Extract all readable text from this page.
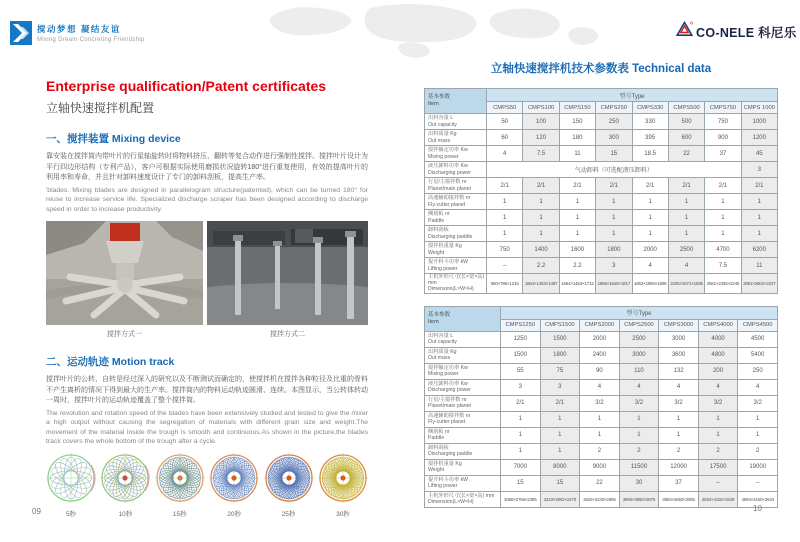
搅动梦想 凝结友谊
Mixing Dream Concreting Friendship	CO-NELE 科尼乐
Enterprise qualification/Patent certificates
立轴快速搅拌机配置
一、搅拌装置 Mixing device
靠安装在搅拌筒内带叶片的行星轴旋转时将物料挤压、翻转等复合动作进行强制性搅拌。搅拌叶片设计为平行四边形结构（专利产品），客户可根据实际使用磨损状况旋转180°进行重复使用，有效的提高叶片的利用率和寿命，并且针对卸料速度设计了专门的卸料刮板，提高生产率。
'blades. Mixing blades are designed in parallelogram structure(patented), which can be turned 180° for reuse to increase service life. Specialized discharge scraper has been designed according to discharge speed in order to increase productivity.
搅拌方式一	搅拌方式二
二、运动轨迹 Motion track
搅拌叶片的公转、自转是经过深入的研究以及不断测试而确定的，使搅拌机在搅拌各种粒径及比重的骨料不产生离析的情况下得到最大的生产率。搅拌筒内的物料运动轨迹圆滑、连续。本图显示，当公转体转动一周时，搅拌叶片的运动轨迹覆盖了整个搅拌筒。
The revolution and rotation speed of the blades have been extensively studied and tested to give the mixer a high output without causing the segregation of materials with different grain size and weight.The movement of the material inside the trough is smooth and continuous.As shown in the picture,the blades track covers the whole bottom of the trough after a cycle.
5秒	10秒	15秒	20秒	25秒	30秒
立轴快速搅拌机技术参数表 Technical data
基本参数
Item	型号Type							
	CMPS50	CMPS100	CMPS150	CMPS250	CMPS330	CMPS500	CMPS750	CMPS 1000

出料容量 L
Out capacity	50	100	150	250	330	500	750	1000

出料质量 Kg
Out mass	60	120	180	300	395	600	900	1200

搅拌额定功率 Kw
Mixing power	4	7.5	11	15	18.5	22	37	45

液压卸料功率 Kw
Discharging power	气动卸料（可选配液压卸料）							3

行星/主搅拌数 nr
Planet/main planet	2/1	2/1	2/1	2/1	2/1	2/1	2/1	2/1

高速辅助搅拌数 nr
Fly-cutter planet	1	1	1	1	1	1	1	1

侧刮板 nr
Paddle	1	1	1	1	1	1	1	1

卸料刮板
Discharging paddle	1	1	1	1	1	1	1	1

搅拌机重量 Kg
Weight	750	1400	1600	1800	2000	2500	4700	6200

提升料斗功率 kW
Lifting power	–	2.2	2.2	3	4	4	7.5	11

主机外形尺寸(长×宽×高) mm
Dimension(L×W×H)	950×786×1215	1664×1453×1487	1664×1453×1712	1856×1648×1817	1862×1850×1895	2235×2071×1935	2581×2336×2245	2891×2602×2237
基本参数
Item	型号Type						
	CMPS1250	CMPS1500	CMPS2000	CMPS2500	CMPS3000	CMPS4000	CMPS4500

出料容量 L
Out capacity	1250	1500	2000	2500	3000	4000	4500

出料质量 Kg
Out mass	1500	1800	2400	3000	3600	4800	5400

搅拌额定功率 Kw
Mixing power	55	75	90	110	132	200	250

液压卸料功率 Kw
Discharging power	3	3	4	4	4	4	4

行星/主搅拌数 nr
Planet/main planet	2/1	2/1	3/2	3/2	3/2	3/2	3/2

高速辅助搅拌数 nr
Fly-cutter planet	1	1	1	1	1	1	1

侧刮板 nr
Paddle	1	1	1	1	1	1	1

卸料刮板
Discharging paddle	1	1	2	2	2	2	2

搅拌机重量 Kg
Weight	7000	8000	9000	11500	12000	17500	19000

提升料斗功率 kW
Lifting power	15	15	22	30	37	–	–

主机外形尺寸(长×宽×高) mm
Dimension(L×W×H)	3058×2756×2395	3223×2902×2470	3625×3230×2695	3893×3550×2875	3893×3550×3085	4594×4150×3249	4594×4150×3634
09	10
